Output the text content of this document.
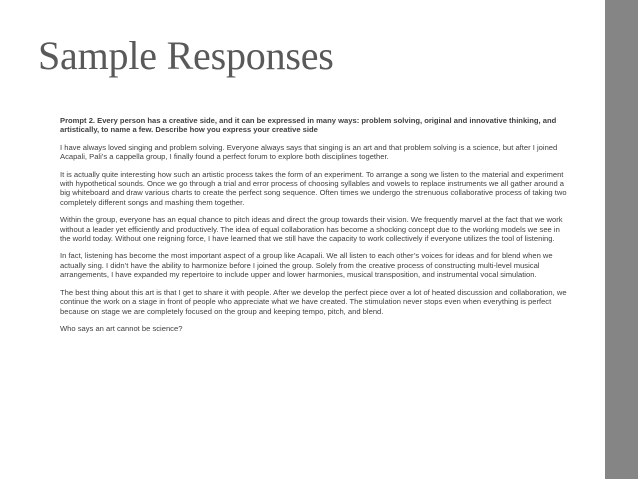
Sample Responses

Prompt 2. Every person has a creative side, and it can be expressed in many ways: problem solving, original and innovative thinking, and artistically, to name a few. Describe how you express your creative side

I have always loved singing and problem solving. Everyone always says that singing is an art and that problem solving is a science, but after I joined Acapali, Pali’s a cappella group, I finally found a perfect forum to explore both disciplines together.

It is actually quite interesting how such an artistic process takes the form of an experiment. To arrange a song we listen to the material and experiment with hypothetical sounds. Once we go through a trial and error process of choosing syllables and vowels to replace instruments we all gather around a big whiteboard and draw various charts to create the perfect song sequence. Often times we undergo the strenuous collaborative process of taking two completely different songs and mashing them together.

Within the group, everyone has an equal chance to pitch ideas and direct the group towards their vision. We frequently marvel at the fact that we work without a leader yet efficiently and productively. The idea of equal collaboration has become a shocking concept due to the working models we see in the world today. Without one reigning force, I have learned that we still have the capacity to work collectively if everyone utilizes the tool of listening.

In fact, listening has become the most important aspect of a group like Acapali. We all listen to each other’s voices for ideas and for blend when we actually sing. I didn’t have the ability to harmonize before I joined the group. Solely from the creative process of constructing multi-level musical arrangements, I have expanded my repertoire to include upper and lower harmonies, musical transposition, and instrumental vocal simulation.

The best thing about this art is that I get to share it with people. After we develop the perfect piece over a lot of heated discussion and collaboration, we continue the work on a stage in front of people who appreciate what we have created. The stimulation never stops even when everything is perfect because on stage we are completely focused on the group and keeping tempo, pitch, and blend.

Who says an art cannot be science?
